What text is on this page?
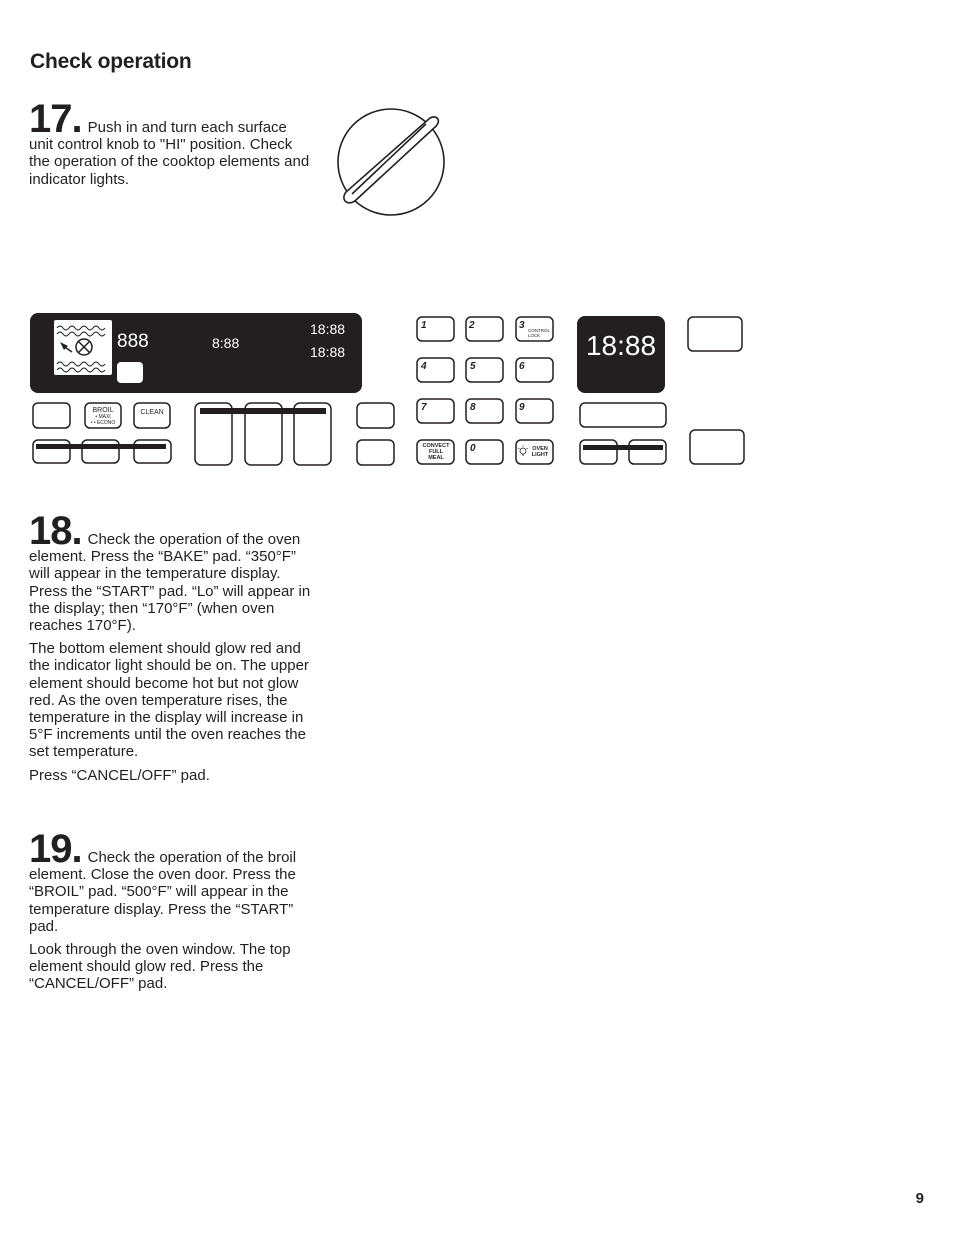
Check operation

17. Push in and turn each surface unit control knob to "HI" position. Check the operation of the cooktop elements and indicator lights.

888	8:88
18:88
18:88
BROIL
• MAXI
• • ECONO
CLEAN
1	2	3 CONTROL
LOCK
4	5	6
7	8	9
CONVECT
FULL
MEAL
0	OVEN
LIGHT
18:88

18. Check the operation of the oven element. Press the “BAKE” pad. “350°F” will appear in the temperature display. Press the “START” pad. “Lo” will appear in the display; then “170°F” (when oven reaches 170°F).

The bottom element should glow red and the indicator light should be on. The upper element should become hot but not glow red. As the oven temperature rises, the temperature in the display will increase in 5°F increments until the oven reaches the set temperature.

Press “CANCEL/OFF” pad.

19. Check the operation of the broil element. Close the oven door. Press the “BROIL” pad. “500°F” will appear in the temperature display. Press the “START” pad.

Look through the oven window. The top element should glow red. Press the “CANCEL/OFF” pad.

9
